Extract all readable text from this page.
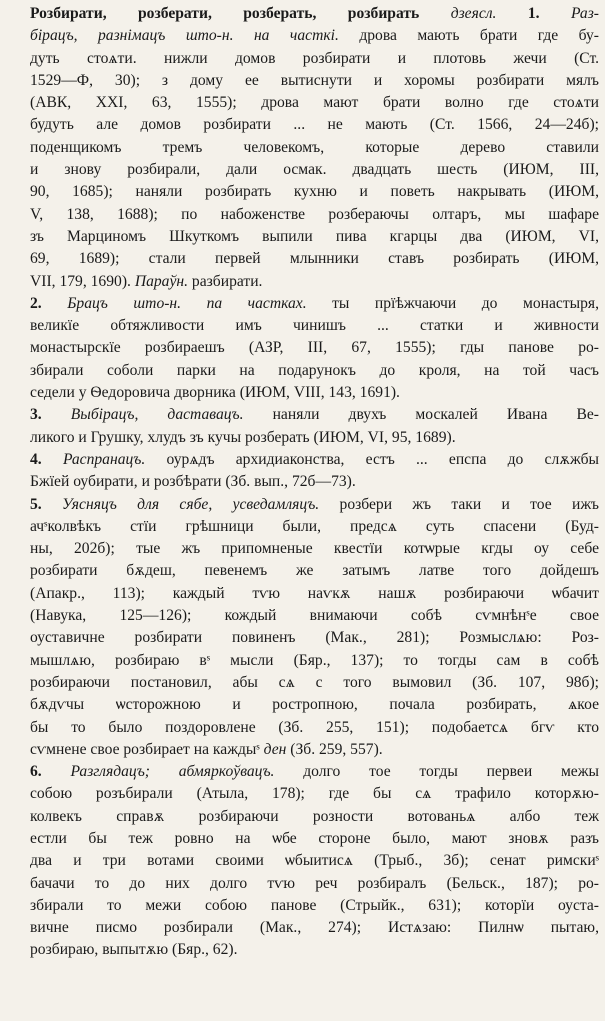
Розбирати, розберати, розберать, розбирать дзеясл. 1. Раз-
бірацъ, разнімацъ што-н. на часткі. дрова мають брати где бу-
дуть стоѧти. нижли домов розбирати и плотовь жечи (Ст.
1529—Ф, 30); з дому ее вытиснути и хоромы розбирати мялъ
(АВК, XXI, 63, 1555); дрова мают брати волно где стоѧти
будуть але домов розбирати ... не мають (Ст. 1566, 24—24б);
поденщикомъ тремъ человекомъ, которые дерево ставили
и знову розбирали, дали осмак. двадцать шесть (ИЮМ, III,
90, 1685); наняли розбирать кухню и поветь накрывать (ИЮМ,
V, 138, 1688); по набоженстве розбераючы олтаръ, мы шафаре
зъ Марциномъ Шкуткомъ выпили пива кгарцы два (ИЮМ, VI,
69, 1689); стали первей млынники ставъ розбирать (ИЮМ,
VII, 179, 1690). Параўн. разбирати.

2. Брацъ што-н. па частках. ты прїѣжчаючи до монастыря,
великїе обтяжливости имъ чинишъ ... статки и живности
монастырскїе розбираешъ (АЗР, III, 67, 1555); гды панове ро-
збирали соболи парки на подарунокъ до кроля, на той часъ
седели у Ѳедоровича дворника (ИЮМ, VIII, 143, 1691).

3. Выбірацъ, даставацъ. наняли двухъ москалей Ивана Ве-
ликого и Грушку, хлудъ зъ кучы розберать (ИЮМ, VI, 95, 1689).

4. Распранацъ. оурѧдъ архидиаконства, естъ ... епспа до слѫжбы
Бжїей оубирати, и розбѣрати (Зб. вып., 72б—73).

5. Уясняцъ для сябе, усведамляцъ. розбери жъ таки и тое ижъ
ачˢколвѣкъ стїи грѣшници были, предсѧ суть спасени (Буд-
ны, 202б); тые жъ припомненые квестїи котѡрые кгды оу себе
розбирати бѫдеш, певенемъ же затымъ латве того дойдешъ
(Апакр., 113); каждый тѵю наѵкѫ нашѫ розбираючи ѡбачит
(Навука, 125—126); кождый внимаючи собѣ сѵмнѣнˢе свое
оуставичне розбирати повиненъ (Мак., 281); Розмыслѧю: Роз-
мышлѧю, розбираю вˢ мысли (Бяр., 137); то тогды сам в собѣ
розбираючи постановил, абы сѧ с того вымовил (Зб. 107, 98б);
бѫдѵчы ѡсторожною и ростропною, почала розбирать, ѧкое
бы то было поздоровлене (Зб. 255, 151); подобаетсѧ бгѵ кто
сѵмнене свое розбирает на каждыˢ ден (Зб. 259, 557).

6. Разглядацъ; абмяркоўвацъ. долго тое тогды первеи межы
собою розъбирали (Атыла, 178); где бы сѧ трафило которѫю-
колвекъ справѫ розбираючи розности вотованьѧ албо теж
естли бы теж ровно на ѡбе стороне было, мают зновѫ разъ
два и три вотами своими ѡбыитисѧ (Трыб., 3б); сенат римскиˢ
бачачи то до них долго тѵю реч розбиралъ (Бельск., 187); ро-
збирали то межи собою панове (Стрыйк., 631); которїи оуста-
вичне писмо розбирали (Мак., 274); Истѧзаю: Пилнѡ пытаю,
розбираю, выпытѫю (Бяр., 62).
